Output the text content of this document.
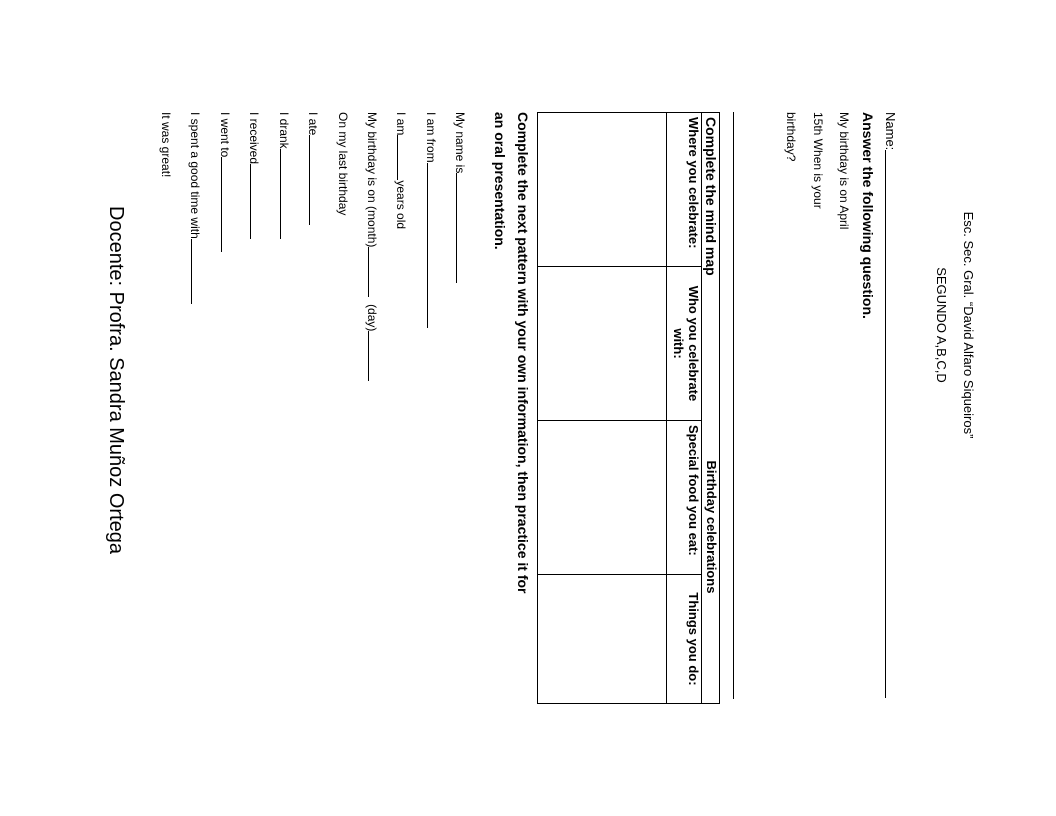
Esc. Sec. Gral. “David Alfaro Siqueiros”
SEGUNDO A,B,C,D
Name:
Answer the following question.
My birthday is on April
15th When is your
birthday?
Complete the mind map		Birthday celebrations	
Where you celebrate:	Who you celebrate with:	Special food you eat:	Things you do:

Complete the next pattern with your own information, then practice it for an oral presentation.
My name is
I am from
I amyears old
My birthday is on (month)  (day)
On my last birthday
I ate
I drank
I received
I went to
I spent a good time with
It was great!
Docente: Profra. Sandra Muñoz Ortega
